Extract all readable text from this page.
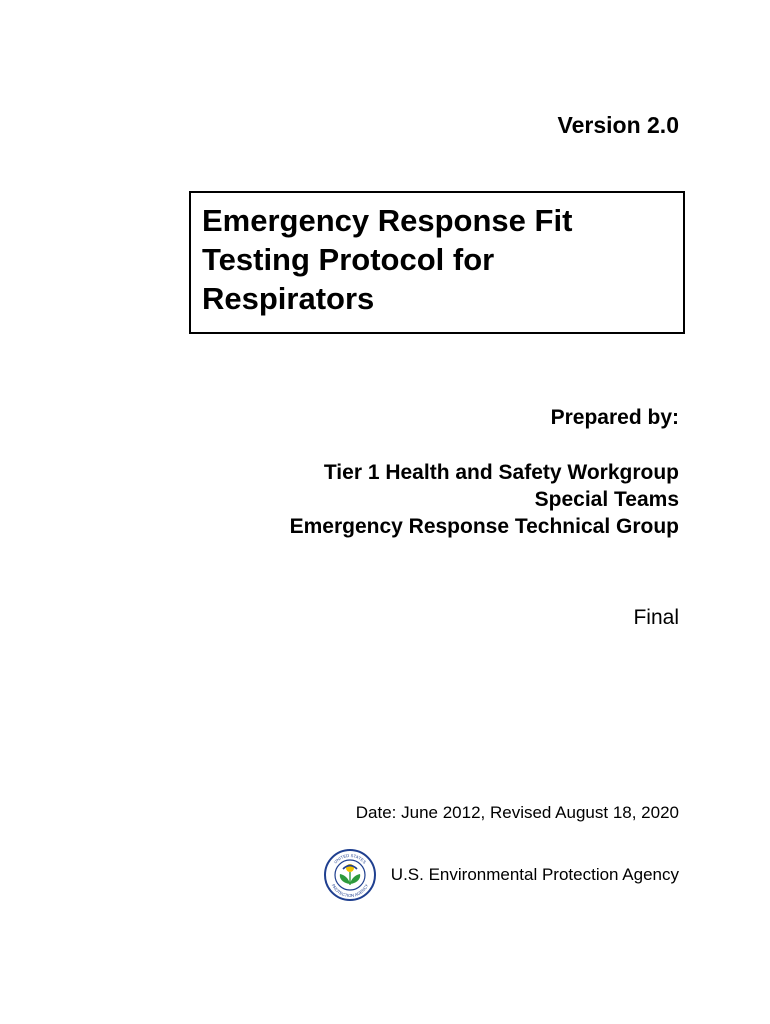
Version 2.0
Emergency Response Fit
Testing Protocol for
Respirators
Prepared by:
Tier 1 Health and Safety Workgroup
Special Teams
Emergency Response Technical Group
Final
Date: June 2012, Revised August 18, 2020
UNITED STATES
PROTECTION AGENCY
U.S. Environmental Protection Agency
